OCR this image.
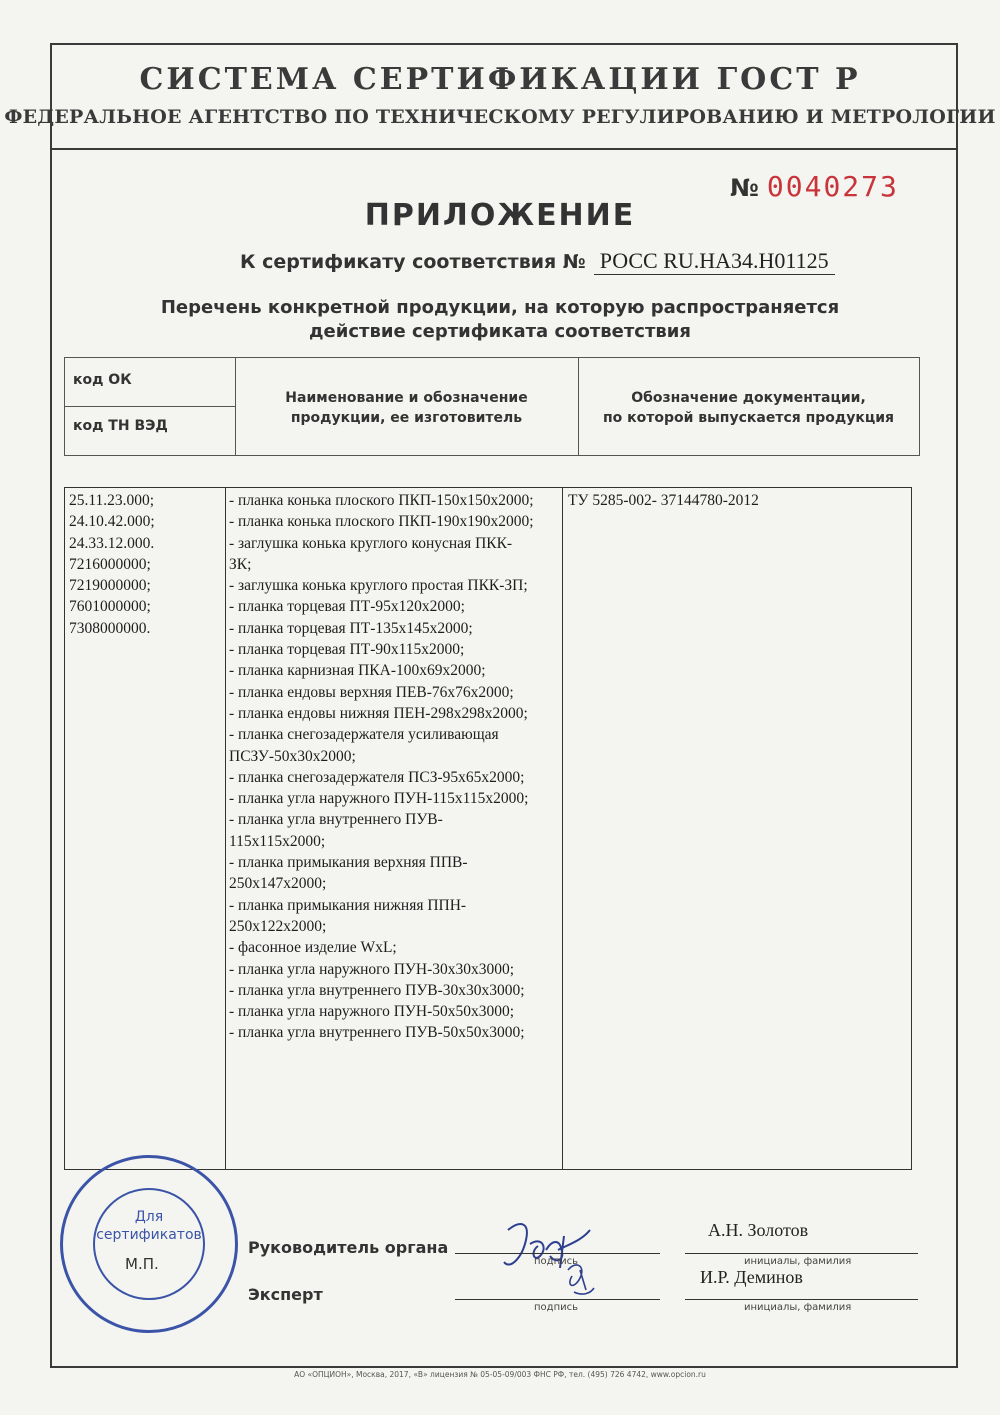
СИСТЕМА СЕРТИФИКАЦИИ ГОСТ Р
ФЕДЕРАЛЬНОЕ АГЕНТСТВО ПО ТЕХНИЧЕСКОМУ РЕГУЛИРОВАНИЮ И МЕТРОЛОГИИ
№ 0040273
ПРИЛОЖЕНИЕ
К сертификату соответствия № РОСС RU.НА34.Н01125
Перечень конкретной продукции, на которую распространяется
действие сертификата соответствия
код ОК
код ТН ВЭД
Наименование и обозначение
продукции, ее изготовитель
Обозначение документации,
по которой выпускается продукция
25.11.23.000;
24.10.42.000;
24.33.12.000.
7216000000;
7219000000;
7601000000;
7308000000.
- планка конька плоского ПКП-150х150х2000;
- планка конька плоского ПКП-190х190х2000;
- заглушка конька круглого конусная ПКК-
ЗК;
- заглушка конька круглого простая ПКК-ЗП;
- планка торцевая ПТ-95х120х2000;
- планка торцевая ПТ-135х145х2000;
- планка торцевая ПТ-90х115х2000;
- планка карнизная ПКА-100х69х2000;
- планка ендовы верхняя ПЕВ-76х76х2000;
- планка ендовы нижняя ПЕН-298х298х2000;
- планка снегозадержателя усиливающая
ПСЗУ-50х30х2000;
- планка снегозадержателя ПСЗ-95х65х2000;
- планка угла наружного ПУН-115х115х2000;
- планка угла внутреннего ПУВ-
115х115х2000;
- планка примыкания верхняя ППВ-
250х147х2000;
- планка примыкания нижняя ППН-
250х122х2000;
- фасонное изделие WxL;
- планка угла наружного ПУН-30х30х3000;
- планка угла внутреннего ПУВ-30х30х3000;
- планка угла наружного ПУН-50х50х3000;
- планка угла внутреннего ПУВ-50х50х3000;
ТУ 5285-002- 37144780-2012
Для
сертификатов
М.П.
Руководитель органа
Эксперт
подпись
подпись
инициалы, фамилия
инициалы, фамилия
А.Н. Золотов
И.Р. Деминов
АО «ОПЦИОН», Москва, 2017, «В» лицензия № 05-05-09/003 ФНС РФ, тел. (495) 726 4742, www.opcion.ru
